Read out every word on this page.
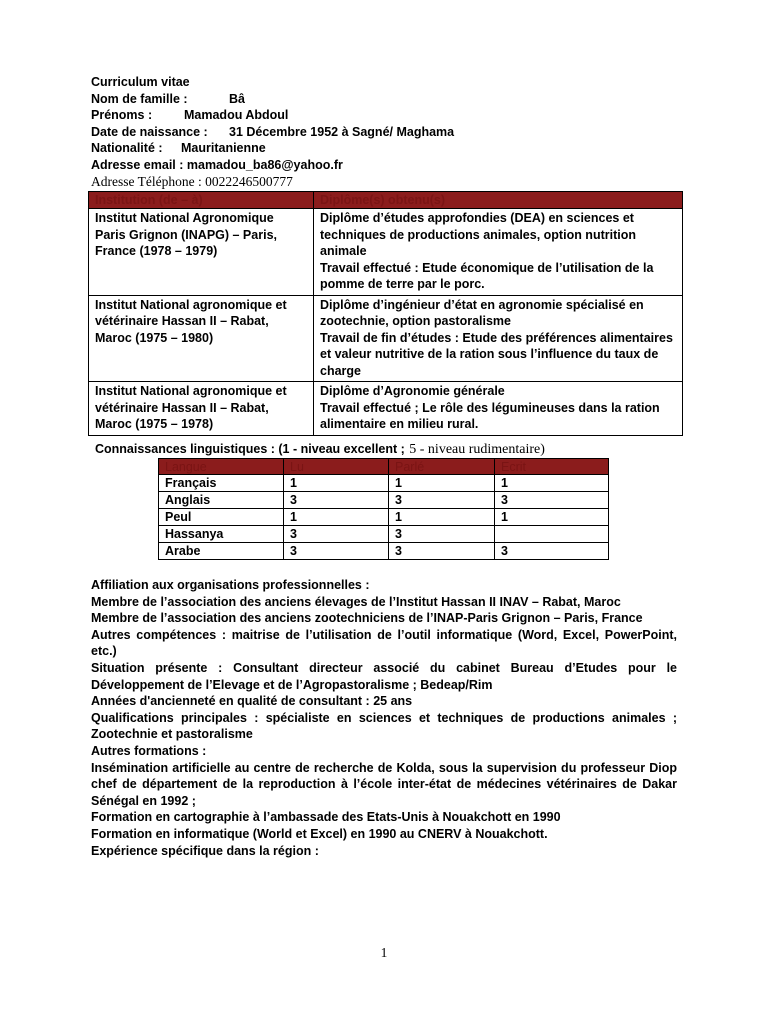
Curriculum vitae
Nom de famille :	Bâ
Prénoms :	Mamadou Abdoul
Date de naissance : 31 Décembre 1952 à Sagné/ Maghama
Nationalité : Mauritanienne
Adresse email : mamadou_ba86@yahoo.fr
Adresse Téléphone : 0022246500777
Institution (de – à)	Diplôme(s) obtenu(s)

Institut National Agronomique Paris Grignon (INAPG) – Paris, France (1978 – 1979)	Diplôme d’études approfondies (DEA) en sciences et techniques de productions animales, option nutrition animale
Travail effectué : Etude économique de l’utilisation de la pomme de terre par le porc.

Institut National agronomique et vétérinaire Hassan II – Rabat, Maroc (1975 – 1980)	Diplôme d’ingénieur d’état en agronomie spécialisé en zootechnie, option pastoralisme
Travail de fin d’études : Etude des préférences alimentaires et valeur nutritive de la ration sous l’influence du taux de charge

Institut National agronomique et vétérinaire Hassan II – Rabat, Maroc (1975 – 1978)	Diplôme d’Agronomie générale
Travail effectué ; Le rôle des légumineuses dans la ration alimentaire en milieu rural.
Connaissances linguistiques : (1 - niveau excellent ; 5 - niveau rudimentaire)
Langue	Lu	Parlé	Ecrit
Français	1	1	1
Anglais	3	3	3
Peul	1	1	1
Hassanya	3	3	
Arabe	3	3	3

Affiliation aux organisations professionnelles :

Membre de l’association des anciens élevages de l’Institut Hassan II INAV – Rabat, Maroc

Membre de l’association des anciens zootechniciens de l’INAP-Paris Grignon – Paris, France

Autres compétences : maitrise de l’utilisation de l’outil informatique (Word, Excel, PowerPoint, etc.)

Situation présente : Consultant directeur associé du cabinet Bureau d’Etudes pour le Développement de l’Elevage et de l’Agropastoralisme ; Bedeap/Rim

Années d'ancienneté en qualité de consultant : 25 ans

Qualifications principales : spécialiste en sciences et techniques de productions animales ; Zootechnie et pastoralisme

Autres formations :

Insémination artificielle au centre de recherche de Kolda, sous la supervision du professeur Diop chef de département de la reproduction à l’école inter-état de médecines vétérinaires de Dakar Sénégal en 1992 ;

Formation en cartographie à l’ambassade des Etats-Unis à Nouakchott en 1990

Formation en informatique (World et Excel) en 1990 au CNERV à Nouakchott.

Expérience spécifique dans la région :

1
